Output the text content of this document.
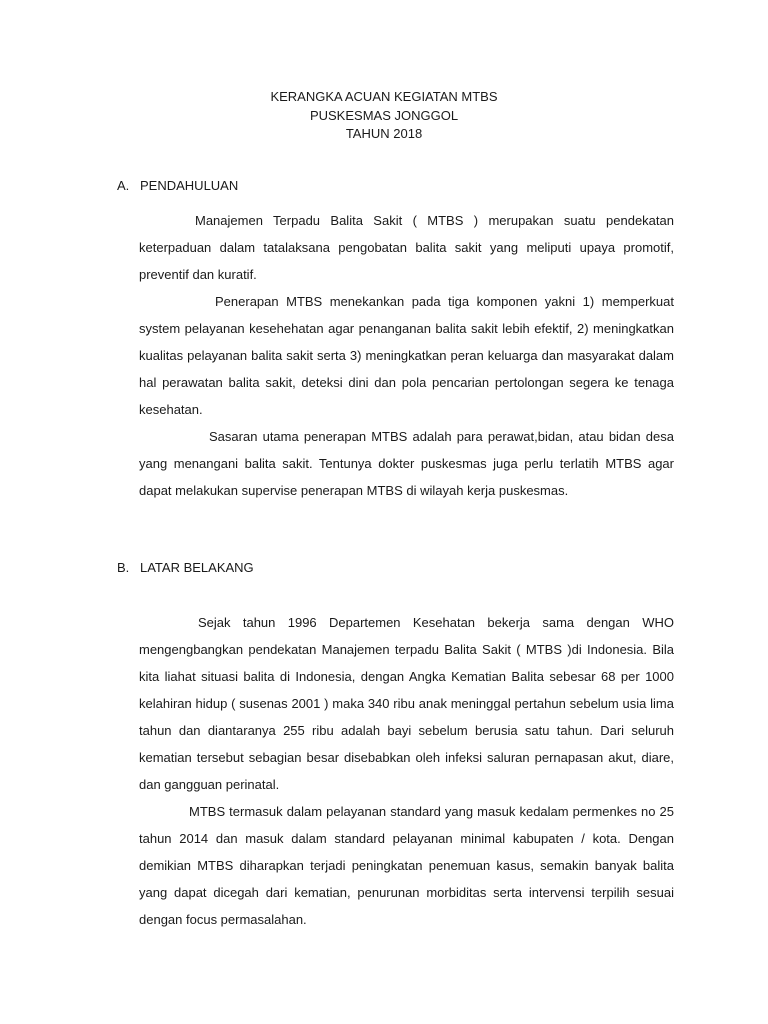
KERANGKA ACUAN KEGIATAN MTBS
PUSKESMAS JONGGOL
TAHUN 2018
A. PENDAHULUAN

Manajemen Terpadu Balita Sakit ( MTBS ) merupakan suatu pendekatan keterpaduan dalam tatalaksana pengobatan balita sakit yang meliputi upaya promotif, preventif dan kuratif.

Penerapan MTBS menekankan pada tiga komponen yakni 1) memperkuat system pelayanan kesehehatan agar penanganan balita sakit lebih efektif, 2) meningkatkan kualitas pelayanan balita sakit serta 3) meningkatkan peran keluarga dan masyarakat dalam hal perawatan balita sakit, deteksi dini dan pola pencarian pertolongan segera ke tenaga kesehatan.

Sasaran utama penerapan MTBS adalah para perawat,bidan, atau bidan desa yang menangani balita sakit. Tentunya dokter puskesmas juga perlu terlatih MTBS agar dapat melakukan supervise penerapan MTBS di wilayah kerja puskesmas.

B. LATAR BELAKANG

Sejak tahun 1996 Departemen Kesehatan bekerja sama dengan WHO mengengbangkan pendekatan Manajemen terpadu Balita Sakit ( MTBS )di Indonesia. Bila kita liahat situasi balita di Indonesia, dengan Angka Kematian Balita sebesar 68 per 1000 kelahiran hidup ( susenas 2001 ) maka 340 ribu anak meninggal pertahun sebelum usia lima tahun dan diantaranya 255 ribu adalah bayi sebelum berusia satu tahun. Dari seluruh kematian tersebut sebagian besar disebabkan oleh infeksi saluran pernapasan akut, diare, dan gangguan perinatal.

MTBS termasuk dalam pelayanan standard yang masuk kedalam permenkes no 25 tahun 2014 dan masuk dalam standard pelayanan minimal kabupaten / kota. Dengan demikian MTBS diharapkan terjadi peningkatan penemuan kasus, semakin banyak balita yang dapat dicegah dari kematian, penurunan morbiditas serta intervensi terpilih sesuai dengan focus permasalahan.
